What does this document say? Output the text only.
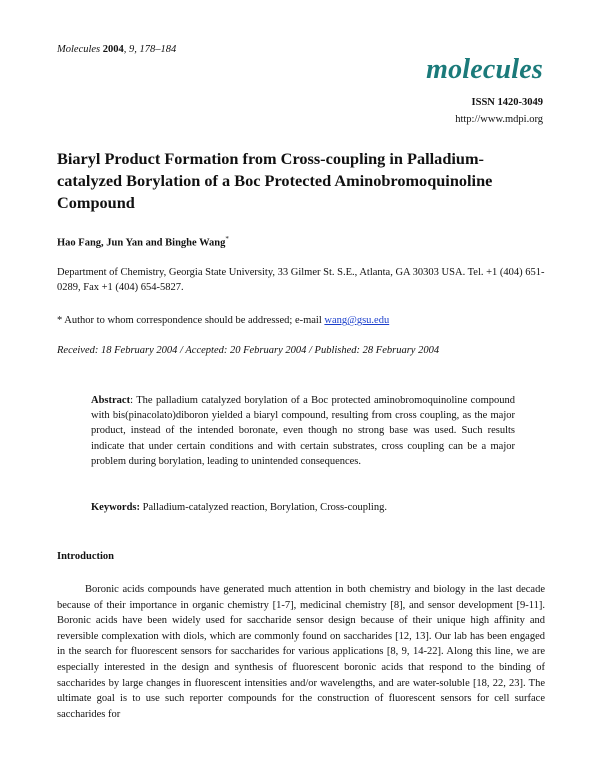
Molecules 2004, 9, 178–184
molecules
ISSN 1420-3049
http://www.mdpi.org
Biaryl Product Formation from Cross-coupling in Palladium-catalyzed Borylation of a Boc Protected Aminobromoquinoline Compound
Hao Fang, Jun Yan and Binghe Wang*
Department of Chemistry, Georgia State University, 33 Gilmer St. S.E., Atlanta, GA 30303 USA. Tel. +1 (404) 651-0289, Fax +1 (404) 654-5827.
* Author to whom correspondence should be addressed; e-mail wang@gsu.edu
Received: 18 February 2004 / Accepted: 20 February 2004 / Published: 28 February 2004
Abstract: The palladium catalyzed borylation of a Boc protected aminobromoquinoline compound with bis(pinacolato)diboron yielded a biaryl compound, resulting from cross coupling, as the major product, instead of the intended boronate, even though no strong base was used. Such results indicate that under certain conditions and with certain substrates, cross coupling can be a major problem during borylation, leading to unintended consequences.
Keywords: Palladium-catalyzed reaction, Borylation, Cross-coupling.
Introduction

Boronic acids compounds have generated much attention in both chemistry and biology in the last decade because of their importance in organic chemistry [1-7], medicinal chemistry [8], and sensor development [9-11]. Boronic acids have been widely used for saccharide sensor design because of their unique high affinity and reversible complexation with diols, which are commonly found on saccharides [12, 13]. Our lab has been engaged in the search for fluorescent sensors for saccharides for various applications [8, 9, 14-22]. Along this line, we are especially interested in the design and synthesis of fluorescent boronic acids that respond to the binding of saccharides by large changes in fluorescent intensities and/or wavelengths, and are water-soluble [18, 22, 23]. The ultimate goal is to use such reporter compounds for the construction of fluorescent sensors for cell surface saccharides for
